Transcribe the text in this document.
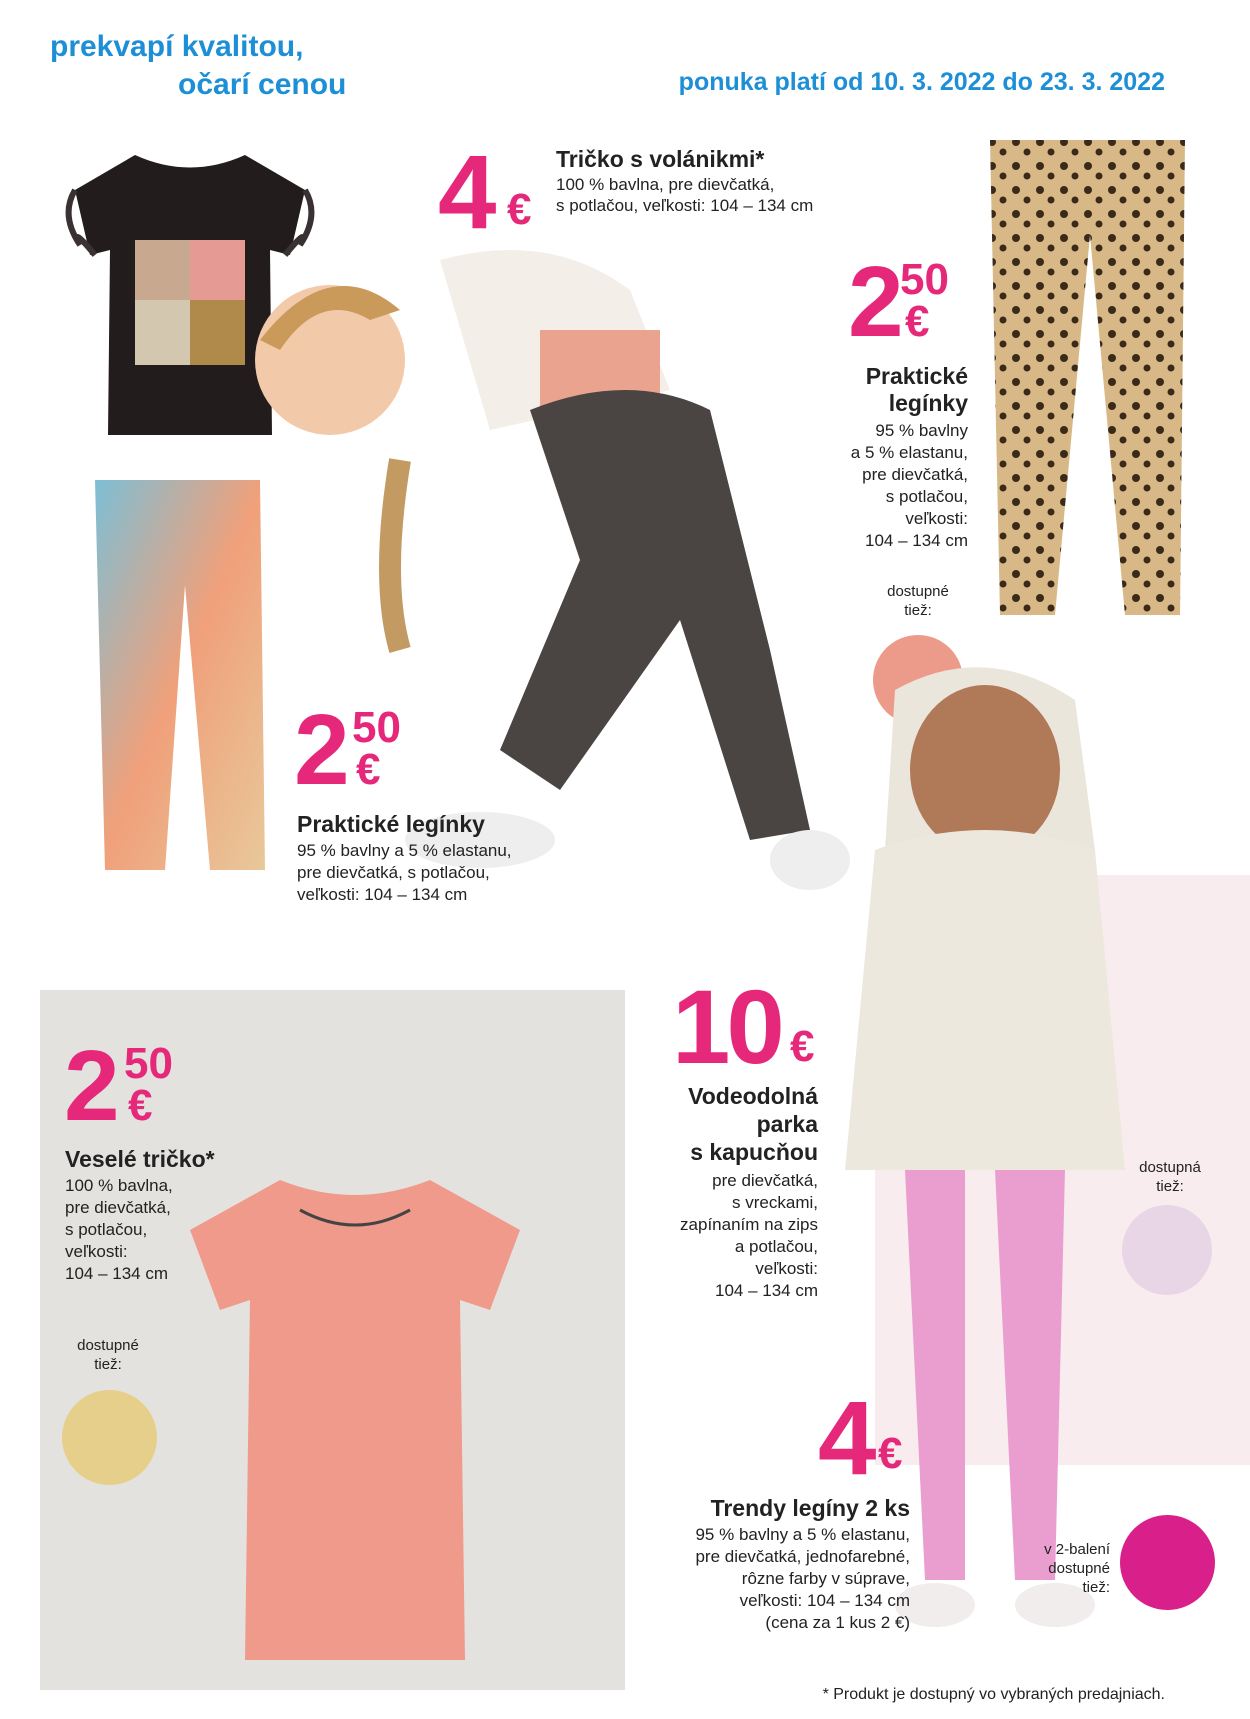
prekvapí kvalitou,
očarí cenou	ponuka platí od 10. 3. 2022 do 23. 3. 2022
4 €
Tričko s volánikmi*
100 % bavlna, pre dievčatká,
s potlačou, veľkosti: 104 – 134 cm
2 50
€
Praktické
legínky
95 % bavlny
a 5 % elastanu,
pre dievčatká,
s potlačou,
veľkosti:
104 – 134 cm
dostupné
tiež:
2 50
€
Praktické legínky
95 % bavlny a 5 % elastanu,
pre dievčatká, s potlačou,
veľkosti: 104 – 134 cm
2 50
€
Veselé tričko*
100 % bavlna,
pre dievčatká,
s potlačou,
veľkosti:
104 – 134 cm
dostupné
tiež:
10 €
Vodeodolná
parka
s kapucňou
pre dievčatká,
s vreckami,
zapínaním na zips
a potlačou,
veľkosti:
104 – 134 cm
dostupná
tiež:
4 €
Trendy legíny 2 ks
95 % bavlny a 5 % elastanu,
pre dievčatká, jednofarebné,
rôzne farby v súprave,
veľkosti: 104 – 134 cm
(cena za 1 kus 2 €)
v 2-balení
dostupné
tiež:
* Produkt je dostupný vo vybraných predajniach.
